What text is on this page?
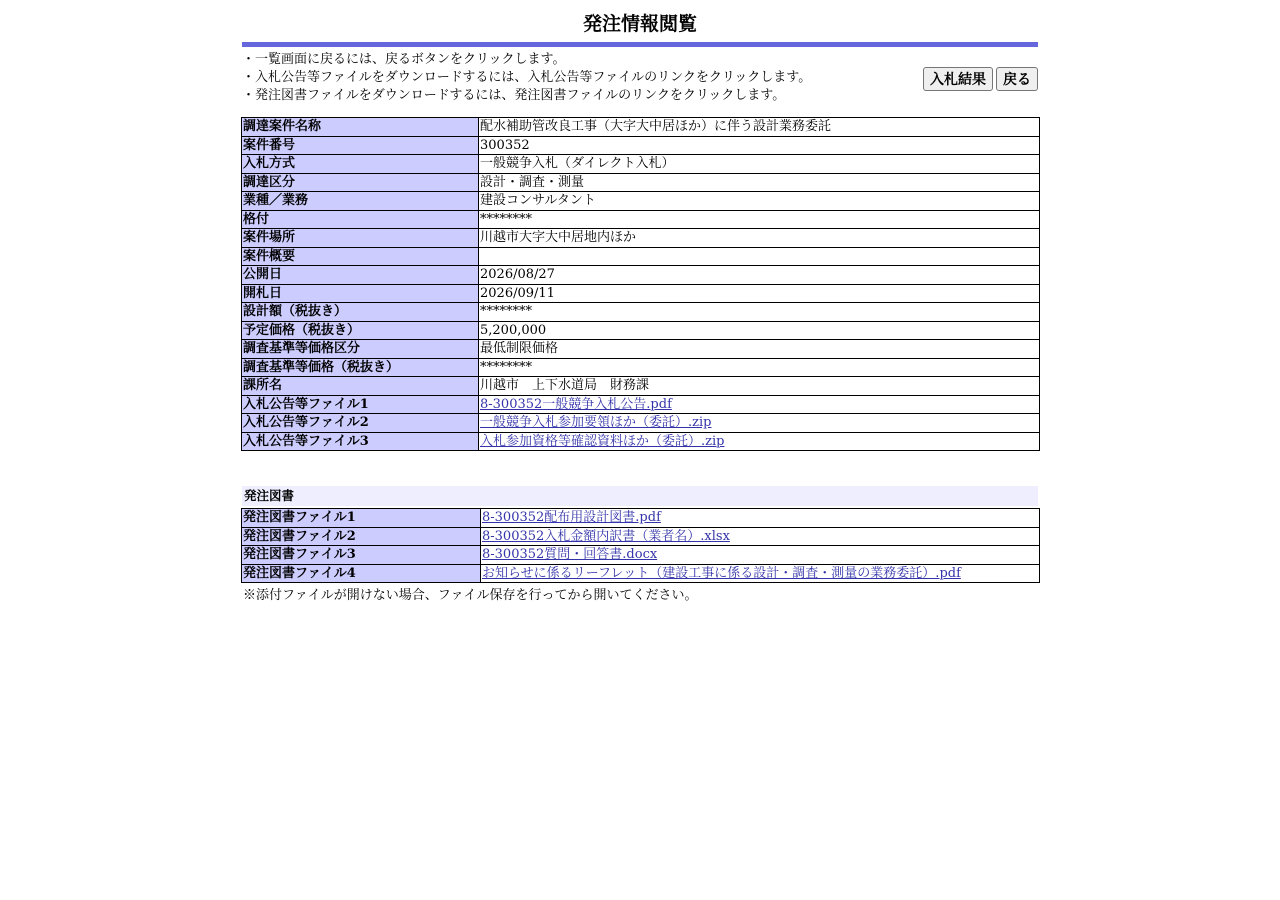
発注情報閲覧
・一覧画面に戻るには、戻るボタンをクリックします。
・入札公告等ファイルをダウンロードするには、入札公告等ファイルのリンクをクリックします。
・発注図書ファイルをダウンロードするには、発注図書ファイルのリンクをクリックします。
入札結果	戻る
調達案件名称	配水補助管改良工事（大字大中居ほか）に伴う設計業務委託
案件番号	300352
入札方式	一般競争入札（ダイレクト入札）
調達区分	設計・調査・測量
業種／業務	建設コンサルタント
格付	********
案件場所	川越市大字大中居地内ほか
案件概要	
公開日	2026/08/27
開札日	2026/09/11
設計額（税抜き）	********
予定価格（税抜き）	5,200,000
調査基準等価格区分	最低制限価格
調査基準等価格（税抜き）	********
課所名	川越市　上下水道局　財務課
入札公告等ファイル1	8-300352一般競争入札公告.pdf
入札公告等ファイル2	一般競争入札参加要領ほか（委託）.zip
入札公告等ファイル3	入札参加資格等確認資料ほか（委託）.zip
発注図書
発注図書ファイル1	8-300352配布用設計図書.pdf
発注図書ファイル2	8-300352入札金額内訳書（業者名）.xlsx
発注図書ファイル3	8-300352質問・回答書.docx
発注図書ファイル4	お知らせに係るリーフレット（建設工事に係る設計・調査・測量の業務委託）.pdf
※添付ファイルが開けない場合、ファイル保存を行ってから開いてください。
